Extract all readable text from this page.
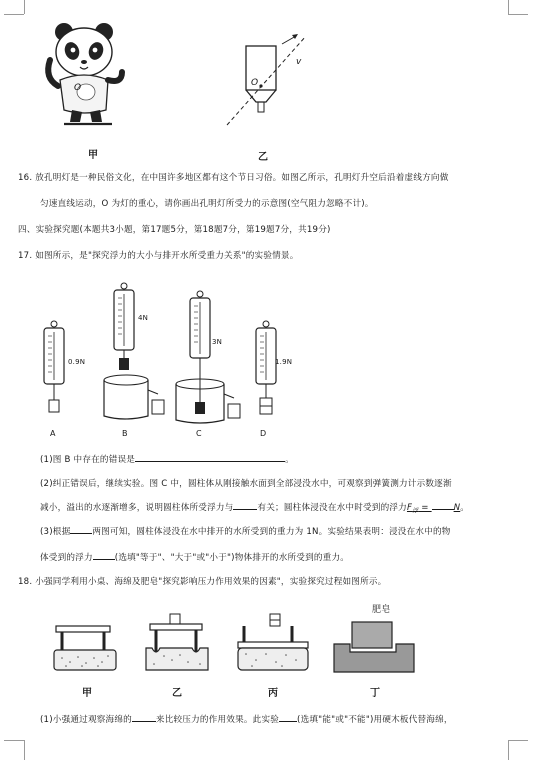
O
甲
O
v
乙
16. 放孔明灯是一种民俗文化，在中国许多地区都有这个节日习俗。如图乙所示，孔明灯升空后沿着虚线方向做
匀速直线运动，O 为灯的重心，请你画出孔明灯所受力的示意图(空气阻力忽略不计)。
四、实验探究题(本题共3小题，第17题5分，第18题7分，第19题7分，共19分)
17. 如图所示，是"探究浮力的大小与排开水所受重力关系"的实验情景。
0.9N
4N
3N
1.9N
A	B	C	D
(1)图 B 中存在的错误是	。
(2)纠正错误后，继续实验。图 C 中，圆柱体从刚接触水面到全部浸没水中，可观察到弹簧测力计示数逐渐
减小，溢出的水逐渐增多，说明圆柱体所受浮力与	有关；圆柱体浸没在水中时受到的浮力$F_浮$ =	N。
(3)根据	两图可知，圆柱体浸没在水中排开的水所受到的重力为 1N。实验结果表明：浸没在水中的物
体受到的浮力	(选填"等于"、"大于"或"小于")物体排开的水所受到的重力。
18. 小强同学利用小桌、海绵及肥皂"探究影响压力作用效果的因素"，实验探究过程如图所示。
肥皂
甲	乙	丙	丁
(1)小强通过观察海绵的	来比较压力的作用效果。此实验 (选填"能"或"不能")用硬木板代替海绵，
